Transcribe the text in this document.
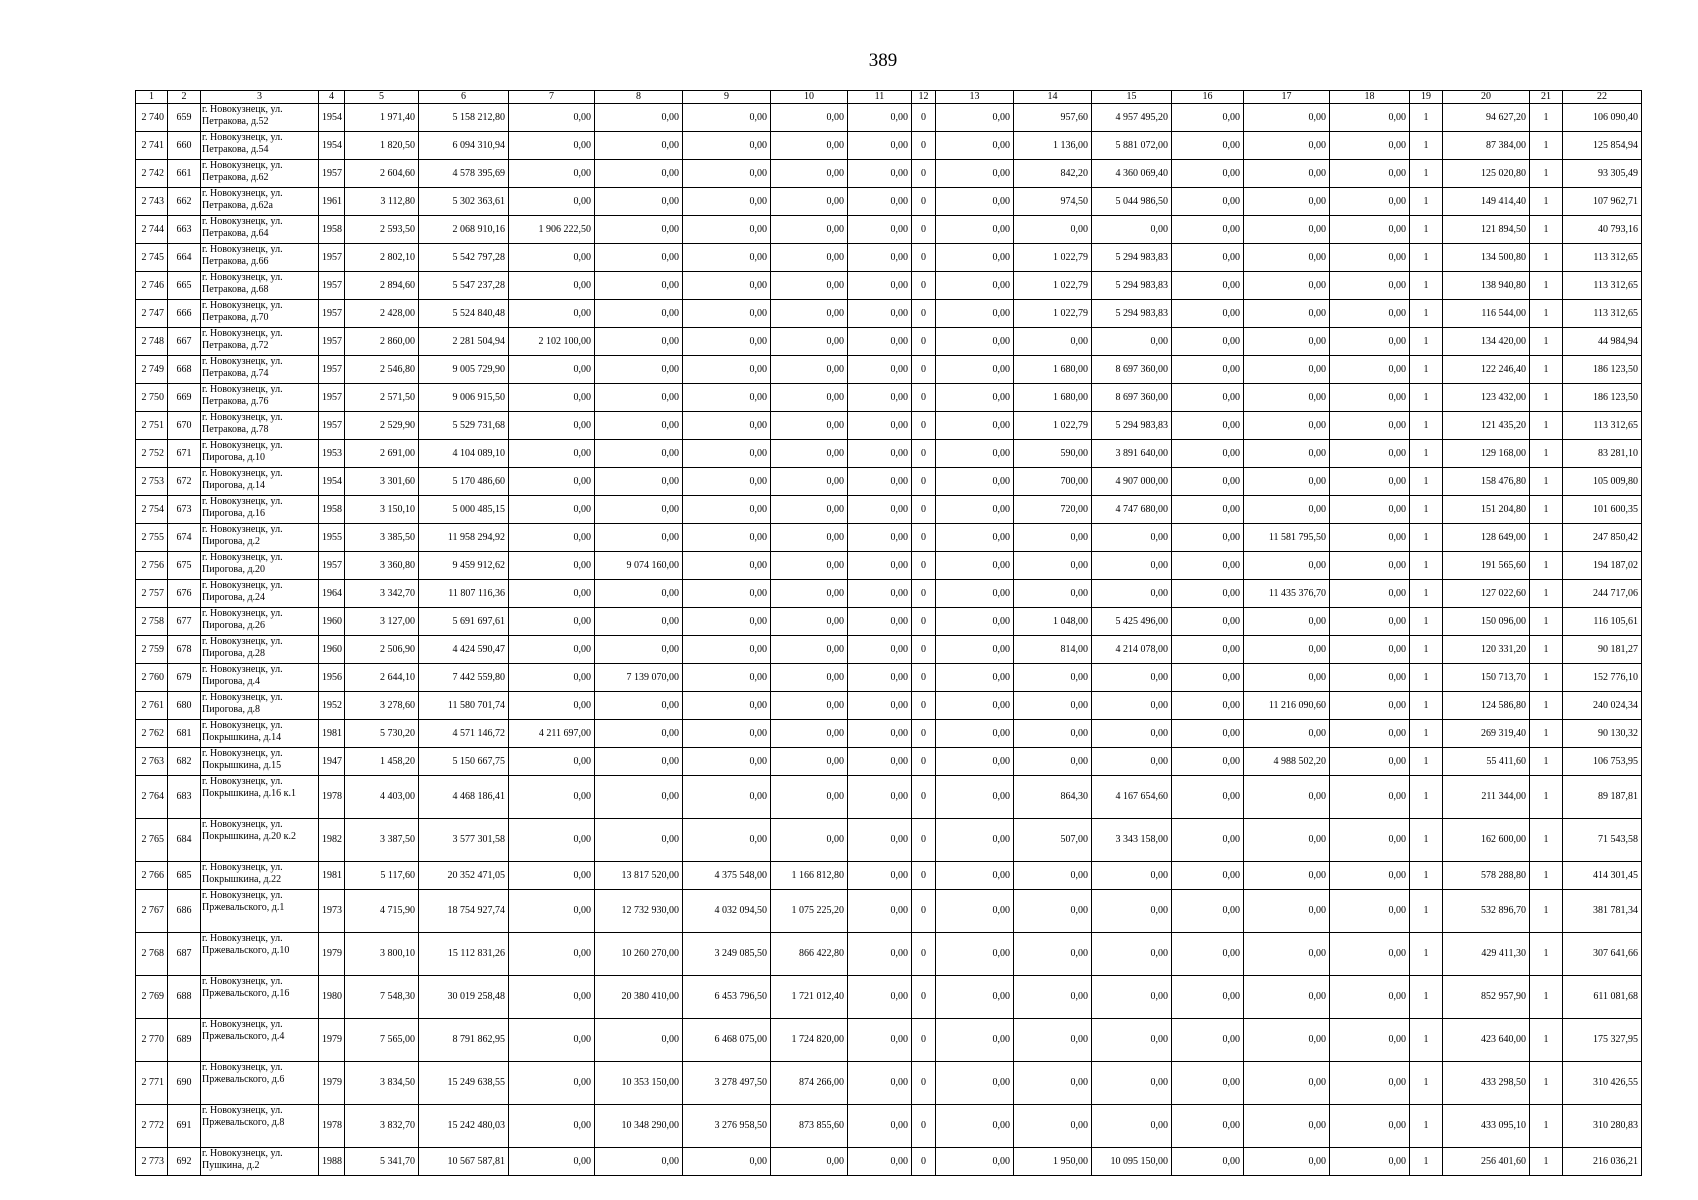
389
1	2	3	4	5	6	7	8	9	10	11	12	13	14	15	16	17	18	19	20	21	22
2 740	659	г. Новокузнецк, ул. Петракова, д.52	1954	1 971,40	5 158 212,80	0,00	0,00	0,00	0,00	0,00	0	0,00	957,60	4 957 495,20	0,00	0,00	0,00	1	94 627,20	1	106 090,40
2 741	660	г. Новокузнецк, ул. Петракова, д.54	1954	1 820,50	6 094 310,94	0,00	0,00	0,00	0,00	0,00	0	0,00	1 136,00	5 881 072,00	0,00	0,00	0,00	1	87 384,00	1	125 854,94
2 742	661	г. Новокузнецк, ул. Петракова, д.62	1957	2 604,60	4 578 395,69	0,00	0,00	0,00	0,00	0,00	0	0,00	842,20	4 360 069,40	0,00	0,00	0,00	1	125 020,80	1	93 305,49
2 743	662	г. Новокузнецк, ул. Петракова, д.62а	1961	3 112,80	5 302 363,61	0,00	0,00	0,00	0,00	0,00	0	0,00	974,50	5 044 986,50	0,00	0,00	0,00	1	149 414,40	1	107 962,71
2 744	663	г. Новокузнецк, ул. Петракова, д.64	1958	2 593,50	2 068 910,16	1 906 222,50	0,00	0,00	0,00	0,00	0	0,00	0,00	0,00	0,00	0,00	0,00	1	121 894,50	1	40 793,16
2 745	664	г. Новокузнецк, ул. Петракова, д.66	1957	2 802,10	5 542 797,28	0,00	0,00	0,00	0,00	0,00	0	0,00	1 022,79	5 294 983,83	0,00	0,00	0,00	1	134 500,80	1	113 312,65
2 746	665	г. Новокузнецк, ул. Петракова, д.68	1957	2 894,60	5 547 237,28	0,00	0,00	0,00	0,00	0,00	0	0,00	1 022,79	5 294 983,83	0,00	0,00	0,00	1	138 940,80	1	113 312,65
2 747	666	г. Новокузнецк, ул. Петракова, д.70	1957	2 428,00	5 524 840,48	0,00	0,00	0,00	0,00	0,00	0	0,00	1 022,79	5 294 983,83	0,00	0,00	0,00	1	116 544,00	1	113 312,65
2 748	667	г. Новокузнецк, ул. Петракова, д.72	1957	2 860,00	2 281 504,94	2 102 100,00	0,00	0,00	0,00	0,00	0	0,00	0,00	0,00	0,00	0,00	0,00	1	134 420,00	1	44 984,94
2 749	668	г. Новокузнецк, ул. Петракова, д.74	1957	2 546,80	9 005 729,90	0,00	0,00	0,00	0,00	0,00	0	0,00	1 680,00	8 697 360,00	0,00	0,00	0,00	1	122 246,40	1	186 123,50
2 750	669	г. Новокузнецк, ул. Петракова, д.76	1957	2 571,50	9 006 915,50	0,00	0,00	0,00	0,00	0,00	0	0,00	1 680,00	8 697 360,00	0,00	0,00	0,00	1	123 432,00	1	186 123,50
2 751	670	г. Новокузнецк, ул. Петракова, д.78	1957	2 529,90	5 529 731,68	0,00	0,00	0,00	0,00	0,00	0	0,00	1 022,79	5 294 983,83	0,00	0,00	0,00	1	121 435,20	1	113 312,65
2 752	671	г. Новокузнецк, ул. Пирогова, д.10	1953	2 691,00	4 104 089,10	0,00	0,00	0,00	0,00	0,00	0	0,00	590,00	3 891 640,00	0,00	0,00	0,00	1	129 168,00	1	83 281,10
2 753	672	г. Новокузнецк, ул. Пирогова, д.14	1954	3 301,60	5 170 486,60	0,00	0,00	0,00	0,00	0,00	0	0,00	700,00	4 907 000,00	0,00	0,00	0,00	1	158 476,80	1	105 009,80
2 754	673	г. Новокузнецк, ул. Пирогова, д.16	1958	3 150,10	5 000 485,15	0,00	0,00	0,00	0,00	0,00	0	0,00	720,00	4 747 680,00	0,00	0,00	0,00	1	151 204,80	1	101 600,35
2 755	674	г. Новокузнецк, ул. Пирогова, д.2	1955	3 385,50	11 958 294,92	0,00	0,00	0,00	0,00	0,00	0	0,00	0,00	0,00	0,00	11 581 795,50	0,00	1	128 649,00	1	247 850,42
2 756	675	г. Новокузнецк, ул. Пирогова, д.20	1957	3 360,80	9 459 912,62	0,00	9 074 160,00	0,00	0,00	0,00	0	0,00	0,00	0,00	0,00	0,00	0,00	1	191 565,60	1	194 187,02
2 757	676	г. Новокузнецк, ул. Пирогова, д.24	1964	3 342,70	11 807 116,36	0,00	0,00	0,00	0,00	0,00	0	0,00	0,00	0,00	0,00	11 435 376,70	0,00	1	127 022,60	1	244 717,06
2 758	677	г. Новокузнецк, ул. Пирогова, д.26	1960	3 127,00	5 691 697,61	0,00	0,00	0,00	0,00	0,00	0	0,00	1 048,00	5 425 496,00	0,00	0,00	0,00	1	150 096,00	1	116 105,61
2 759	678	г. Новокузнецк, ул. Пирогова, д.28	1960	2 506,90	4 424 590,47	0,00	0,00	0,00	0,00	0,00	0	0,00	814,00	4 214 078,00	0,00	0,00	0,00	1	120 331,20	1	90 181,27
2 760	679	г. Новокузнецк, ул. Пирогова, д.4	1956	2 644,10	7 442 559,80	0,00	7 139 070,00	0,00	0,00	0,00	0	0,00	0,00	0,00	0,00	0,00	0,00	1	150 713,70	1	152 776,10
2 761	680	г. Новокузнецк, ул. Пирогова, д.8	1952	3 278,60	11 580 701,74	0,00	0,00	0,00	0,00	0,00	0	0,00	0,00	0,00	0,00	11 216 090,60	0,00	1	124 586,80	1	240 024,34
2 762	681	г. Новокузнецк, ул. Покрышкина, д.14	1981	5 730,20	4 571 146,72	4 211 697,00	0,00	0,00	0,00	0,00	0	0,00	0,00	0,00	0,00	0,00	0,00	1	269 319,40	1	90 130,32
2 763	682	г. Новокузнецк, ул. Покрышкина, д.15	1947	1 458,20	5 150 667,75	0,00	0,00	0,00	0,00	0,00	0	0,00	0,00	0,00	0,00	4 988 502,20	0,00	1	55 411,60	1	106 753,95
2 764	683	г. Новокузнецк, ул. Покрышкина, д.16 к.1	1978	4 403,00	4 468 186,41	0,00	0,00	0,00	0,00	0,00	0	0,00	864,30	4 167 654,60	0,00	0,00	0,00	1	211 344,00	1	89 187,81
2 765	684	г. Новокузнецк, ул. Покрышкина, д.20 к.2	1982	3 387,50	3 577 301,58	0,00	0,00	0,00	0,00	0,00	0	0,00	507,00	3 343 158,00	0,00	0,00	0,00	1	162 600,00	1	71 543,58
2 766	685	г. Новокузнецк, ул. Покрышкина, д.22	1981	5 117,60	20 352 471,05	0,00	13 817 520,00	4 375 548,00	1 166 812,80	0,00	0	0,00	0,00	0,00	0,00	0,00	0,00	1	578 288,80	1	414 301,45
2 767	686	г. Новокузнецк, ул. Пржевальского, д.1	1973	4 715,90	18 754 927,74	0,00	12 732 930,00	4 032 094,50	1 075 225,20	0,00	0	0,00	0,00	0,00	0,00	0,00	0,00	1	532 896,70	1	381 781,34
2 768	687	г. Новокузнецк, ул. Пржевальского, д.10	1979	3 800,10	15 112 831,26	0,00	10 260 270,00	3 249 085,50	866 422,80	0,00	0	0,00	0,00	0,00	0,00	0,00	0,00	1	429 411,30	1	307 641,66
2 769	688	г. Новокузнецк, ул. Пржевальского, д.16	1980	7 548,30	30 019 258,48	0,00	20 380 410,00	6 453 796,50	1 721 012,40	0,00	0	0,00	0,00	0,00	0,00	0,00	0,00	1	852 957,90	1	611 081,68
2 770	689	г. Новокузнецк, ул. Пржевальского, д.4	1979	7 565,00	8 791 862,95	0,00	0,00	6 468 075,00	1 724 820,00	0,00	0	0,00	0,00	0,00	0,00	0,00	0,00	1	423 640,00	1	175 327,95
2 771	690	г. Новокузнецк, ул. Пржевальского, д.6	1979	3 834,50	15 249 638,55	0,00	10 353 150,00	3 278 497,50	874 266,00	0,00	0	0,00	0,00	0,00	0,00	0,00	0,00	1	433 298,50	1	310 426,55
2 772	691	г. Новокузнецк, ул. Пржевальского, д.8	1978	3 832,70	15 242 480,03	0,00	10 348 290,00	3 276 958,50	873 855,60	0,00	0	0,00	0,00	0,00	0,00	0,00	0,00	1	433 095,10	1	310 280,83
2 773	692	г. Новокузнецк, ул. Пушкина, д.2	1988	5 341,70	10 567 587,81	0,00	0,00	0,00	0,00	0,00	0	0,00	1 950,00	10 095 150,00	0,00	0,00	0,00	1	256 401,60	1	216 036,21
